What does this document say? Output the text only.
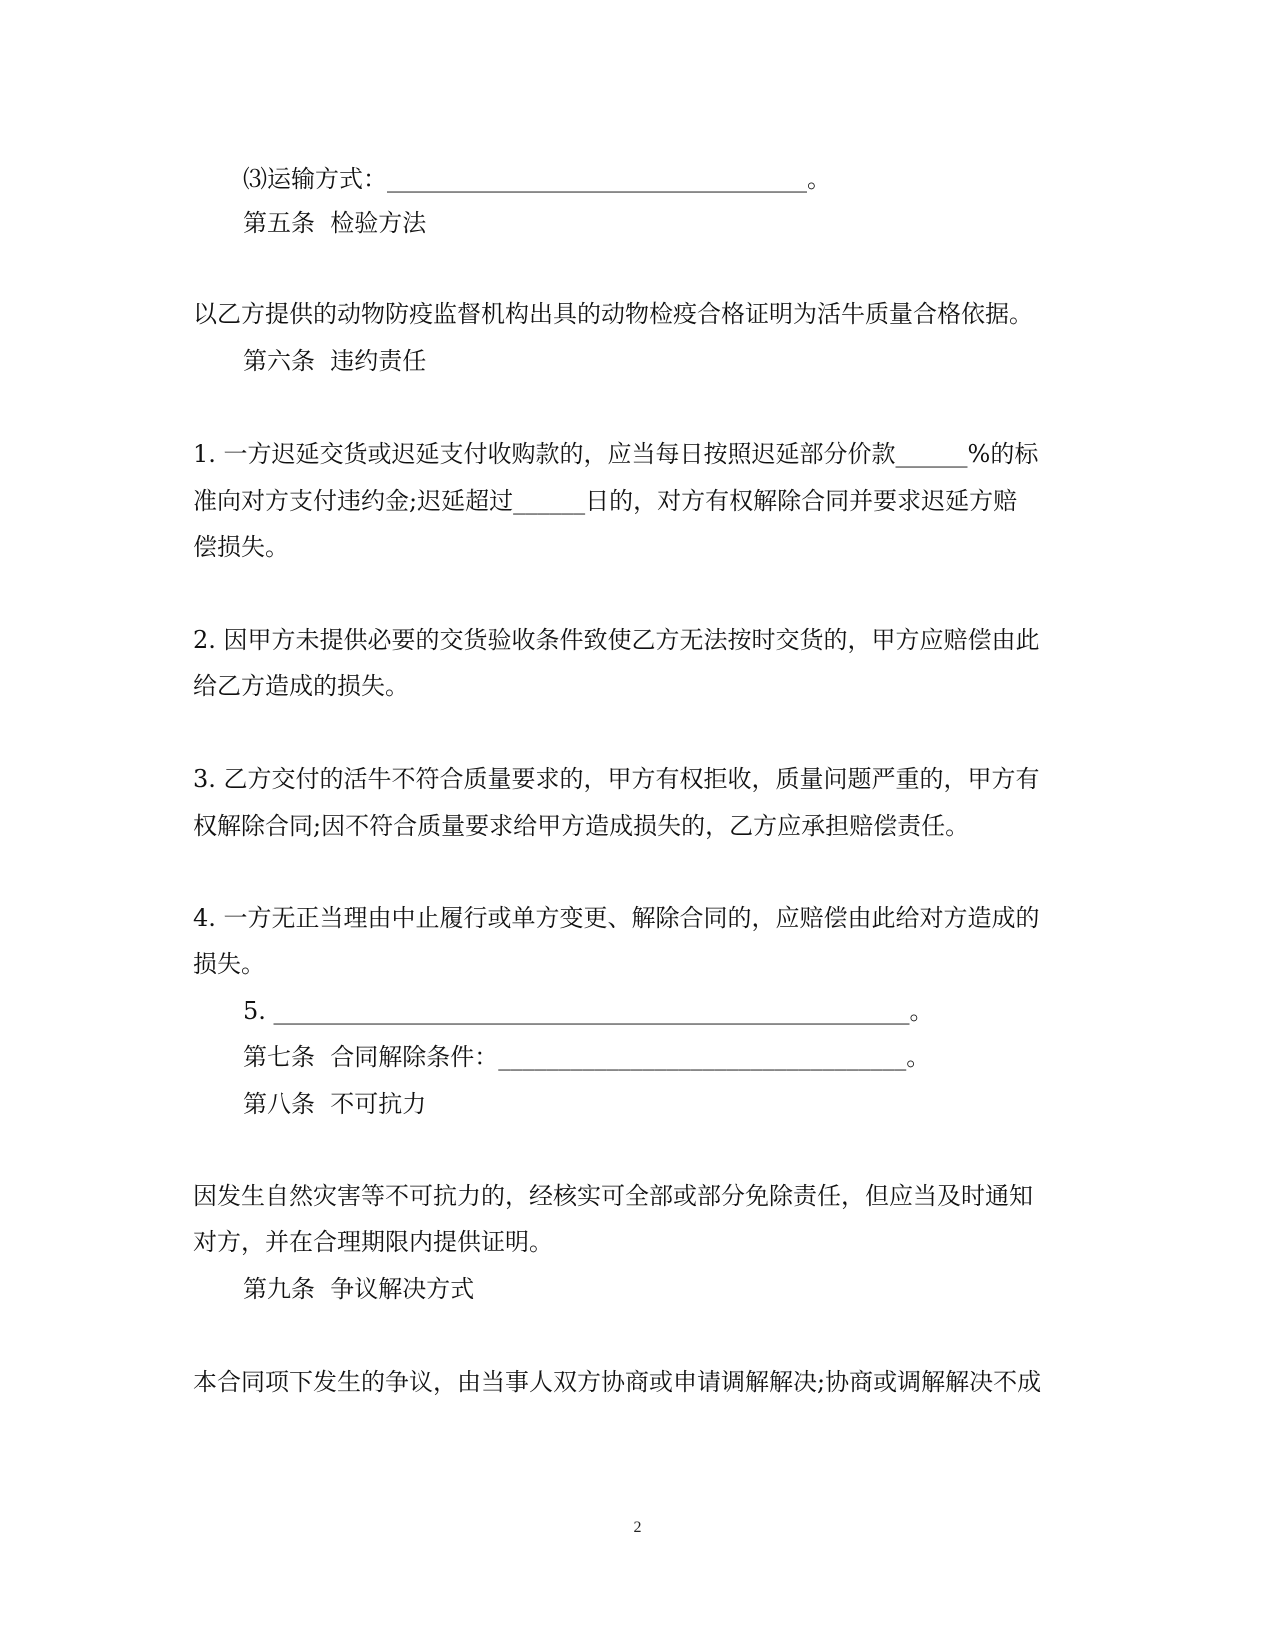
⑶运输方式：___________________________________。
第五条  检验方法
以乙方提供的动物防疫监督机构出具的动物检疫合格证明为活牛质量合格依据。
第六条  违约责任
1. 一方迟延交货或迟延支付收购款的，应当每日按照迟延部分价款______%的标
准向对方支付违约金;迟延超过______日的，对方有权解除合同并要求迟延方赔
偿损失。
2. 因甲方未提供必要的交货验收条件致使乙方无法按时交货的，甲方应赔偿由此
给乙方造成的损失。
3. 乙方交付的活牛不符合质量要求的，甲方有权拒收，质量问题严重的，甲方有
权解除合同;因不符合质量要求给甲方造成损失的，乙方应承担赔偿责任。
4. 一方无正当理由中止履行或单方变更、解除合同的，应赔偿由此给对方造成的
损失。
5. _____________________________________________________。
第七条  合同解除条件：__________________________________。
第八条  不可抗力
因发生自然灾害等不可抗力的，经核实可全部或部分免除责任，但应当及时通知
对方，并在合理期限内提供证明。
第九条  争议解决方式
本合同项下发生的争议，由当事人双方协商或申请调解解决;协商或调解解决不成
2
